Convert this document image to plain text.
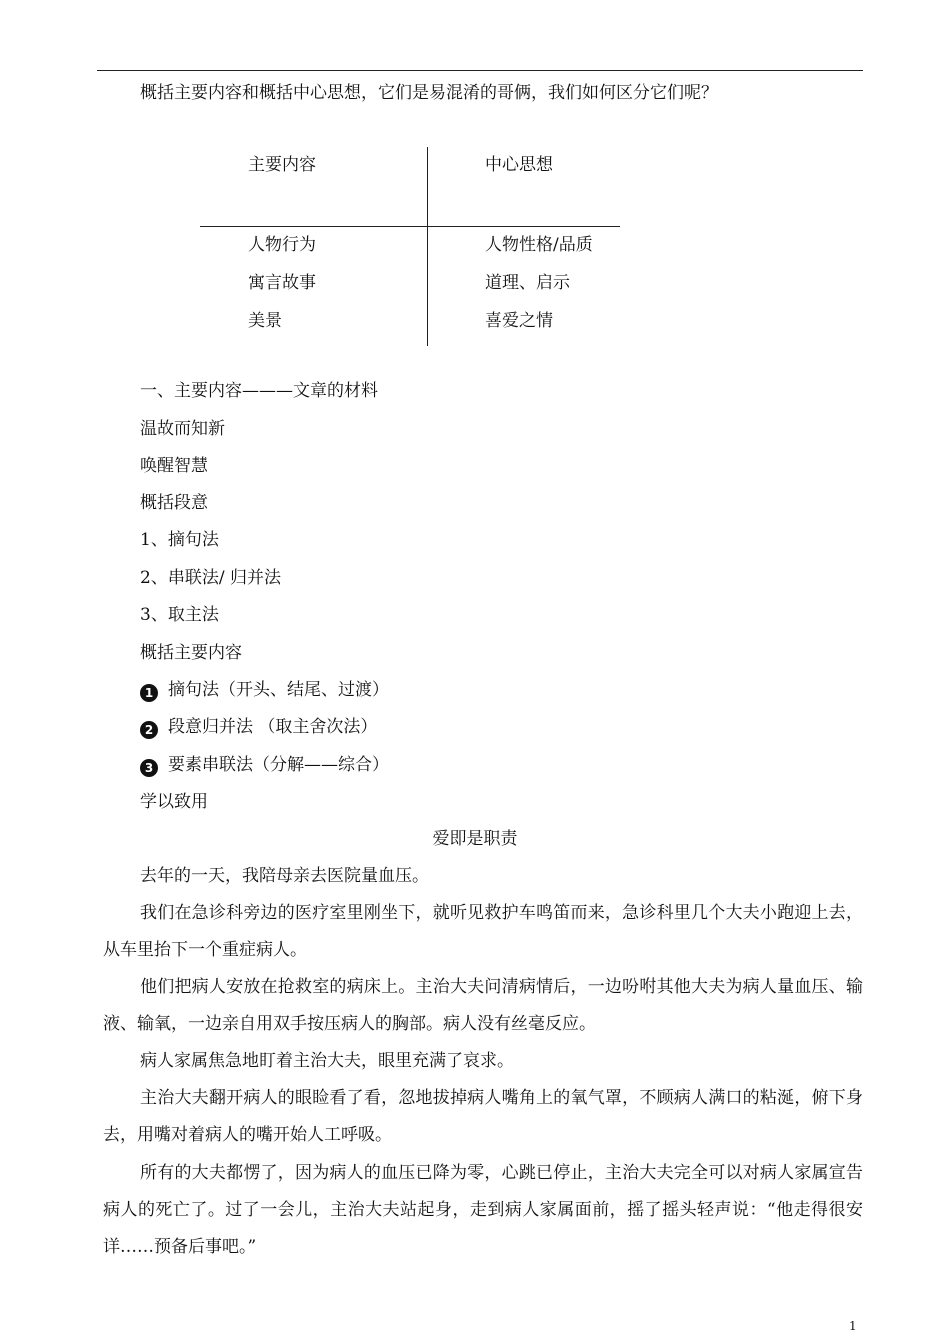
概括主要内容和概括中心思想，它们是易混淆的哥俩，我们如何区分它们呢？
主要内容	中心思想
人物行为	人物性格/品质
寓言故事	道理、启示
美景	喜爱之情
一、主要内容———文章的材料
温故而知新
唤醒智慧
概括段意
1、摘句法
2、串联法/ 归并法
3、取主法
概括主要内容
1 摘句法（开头、结尾、过渡）
2 段意归并法 （取主舍次法）
3 要素串联法（分解——综合）
学以致用
爱即是职责
去年的一天，我陪母亲去医院量血压。
我们在急诊科旁边的医疗室里刚坐下，就听见救护车鸣笛而来，急诊科里几个大夫小跑迎上去，从车里抬下一个重症病人。
他们把病人安放在抢救室的病床上。主治大夫问清病情后，一边吩咐其他大夫为病人量血压、输液、输氧，一边亲自用双手按压病人的胸部。病人没有丝毫反应。
病人家属焦急地盯着主治大夫，眼里充满了哀求。
主治大夫翻开病人的眼睑看了看，忽地拔掉病人嘴角上的氧气罩，不顾病人满口的粘涎，俯下身去，用嘴对着病人的嘴开始人工呼吸。
所有的大夫都愣了，因为病人的血压已降为零，心跳已停止，主治大夫完全可以对病人家属宣告病人的死亡了。过了一会儿，主治大夫站起身，走到病人家属面前，摇了摇头轻声说：“他走得很安详……预备后事吧。”
1
